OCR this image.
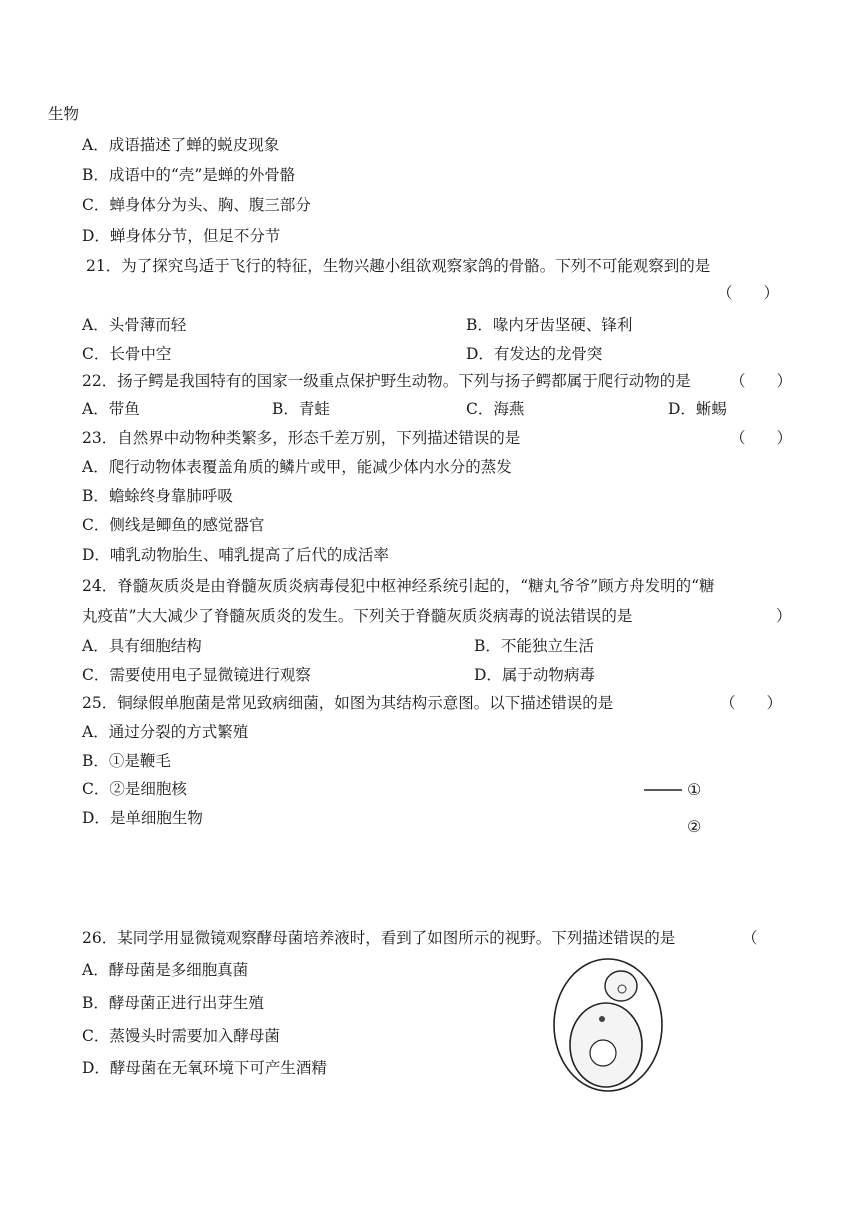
生物
A．成语描述了蝉的蜕皮现象
B．成语中的“壳”是蝉的外骨骼
C．蝉身体分为头、胸、腹三部分
D．蝉身体分节，但足不分节
21．为了探究鸟适于飞行的特征，生物兴趣小组欲观察家鸽的骨骼。下列不可能观察到的是
（　　）
A．头骨薄而轻	B．喙内牙齿坚硬、锋利
C．长骨中空	D．有发达的龙骨突
22．扬子鳄是我国特有的国家一级重点保护野生动物。下列与扬子鳄都属于爬行动物的是	（　　）
A．带鱼	B．青蛙	C．海燕	D．蜥蜴
23．自然界中动物种类繁多，形态千差万别，下列描述错误的是	（　　）
A．爬行动物体表覆盖角质的鳞片或甲，能减少体内水分的蒸发
B．蟾蜍终身靠肺呼吸
C．侧线是鲫鱼的感觉器官
D．哺乳动物胎生、哺乳提高了后代的成活率
24．脊髓灰质炎是由脊髓灰质炎病毒侵犯中枢神经系统引起的，“糖丸爷爷”顾方舟发明的“糖
丸疫苗”大大减少了脊髓灰质炎的发生。下列关于脊髓灰质炎病毒的说法错误的是	）
A．具有细胞结构	B．不能独立生活
C．需要使用电子显微镜进行观察	D．属于动物病毒
25．铜绿假单胞菌是常见致病细菌，如图为其结构示意图。以下描述错误的是	（　　）
A．通过分裂的方式繁殖
B．①是鞭毛
C．②是细胞核
D．是单细胞生物
①
②
26．某同学用显微镜观察酵母菌培养液时，看到了如图所示的视野。下列描述错误的是	（　　
A．酵母菌是多细胞真菌
B．酵母菌正进行出芽生殖
C．蒸馒头时需要加入酵母菌
D．酵母菌在无氧环境下可产生酒精
